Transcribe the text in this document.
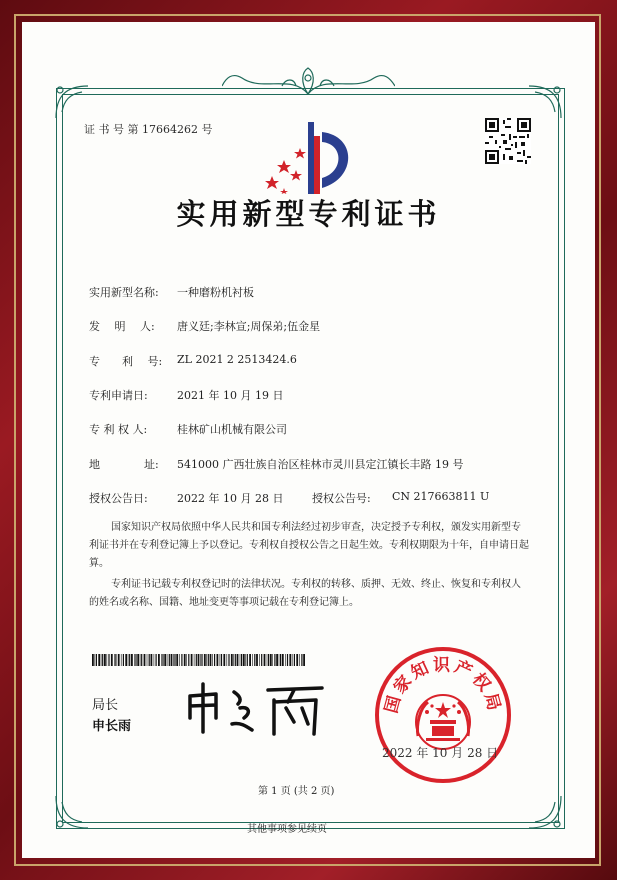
证 书 号 第 17664262 号
实用新型专利证书
实用新型名称: 一种磨粉机衬板
发　 明　 人: 唐义廷;李林宣;周保弟;伍金星
专　　利　 号: ZL 2021 2 2513424.6
专利申请日:	2021 年 10 月 19 日
专 利 权 人:	桂林矿山机械有限公司
地　　　　址: 541000 广西壮族自治区桂林市灵川县定江镇长丰路 19 号
授权公告日:	2022 年 10 月 28 日	授权公告号: CN 217663811 U
国家知识产权局依照中华人民共和国专利法经过初步审查，决定授予专利权，颁发实用新型专利证书并在专利登记簿上予以登记。专利权自授权公告之日起生效。专利权期限为十年，自申请日起算。
专利证书记载专利权登记时的法律状况。专利权的转移、质押、无效、终止、恢复和专利权人的姓名或名称、国籍、地址变更等事项记载在专利登记簿上。
局长
申长雨
国家知识产权局
2022 年 10 月 28 日
第 1 页 (共 2 页)
其他事项参见续页
